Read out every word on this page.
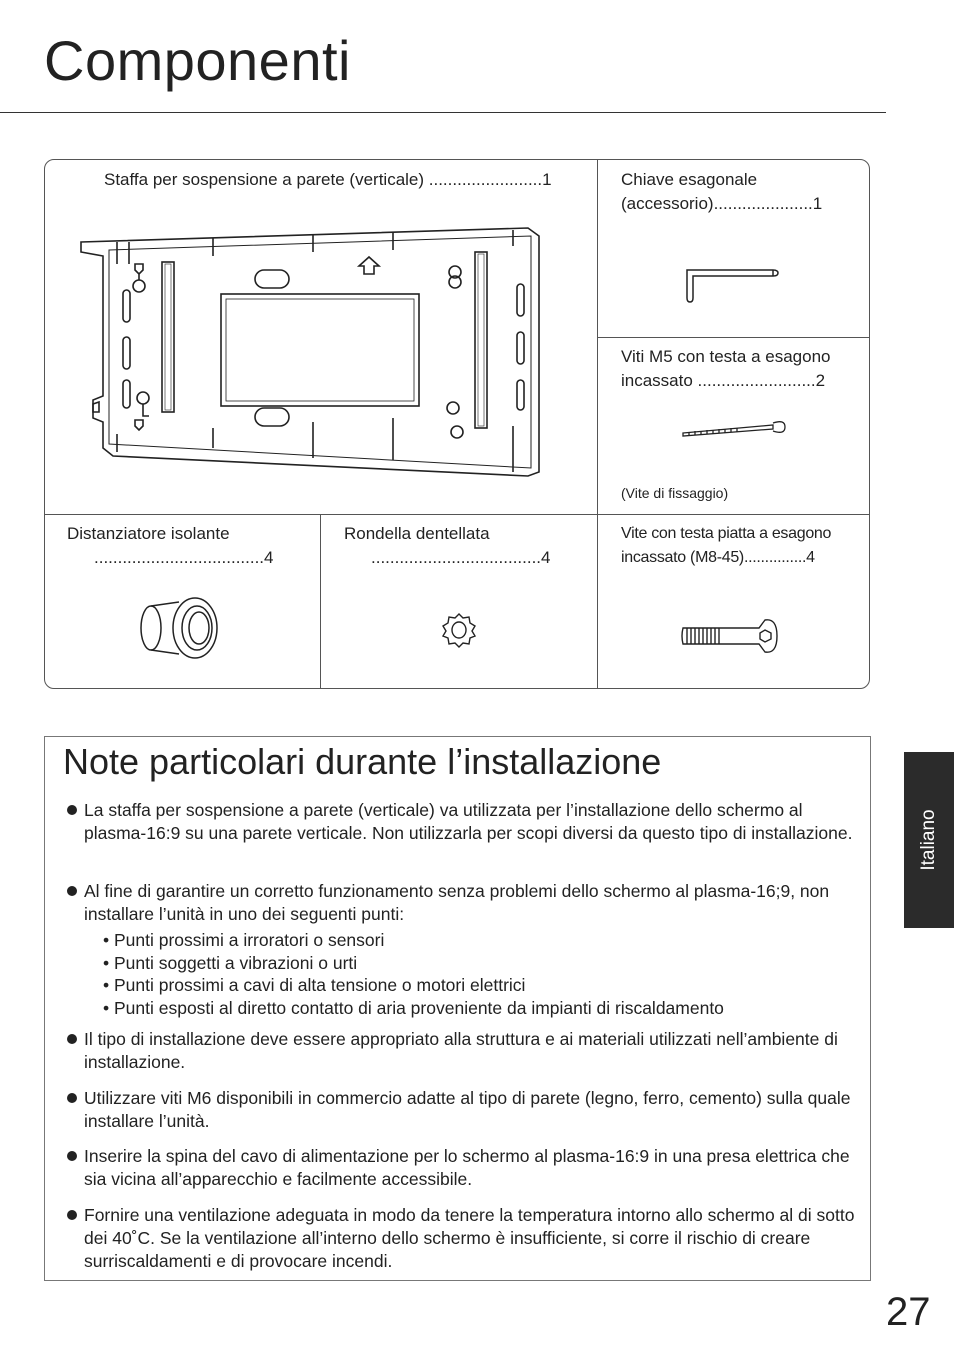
Componenti
Staffa per sospensione a parete (verticale) ........................1	Chiave esagonale
(accessorio).....................1
Viti M5 con testa a esagono
incassato .........................2
(Vite di fissaggio)
Distanziatore isolante
....................................4
Rondella dentellata
....................................4
Vite con testa piatta a esagono
incassato (M8-45)...............4
Note particolari durante l’installazione
La staffa per sospensione a parete (verticale) va utilizzata per l’installazione dello schermo al plasma-16:9 su una parete verticale. Non utilizzarla per scopi diversi da questo tipo di installazione.
Al fine di garantire un corretto funzionamento senza problemi dello schermo al plasma-16;9, non installare l’unità in uno dei seguenti punti:
• Punti prossimi a irroratori o sensori
• Punti soggetti a vibrazioni o urti
• Punti prossimi a cavi di alta tensione o motori elettrici
• Punti esposti al diretto contatto di aria proveniente da impianti di riscaldamento
Il tipo di installazione deve essere appropriato alla struttura e ai materiali utilizzati nell’ambiente di installazione.
Utilizzare viti M6 disponibili in commercio adatte al tipo di parete (legno, ferro, cemento) sulla quale installare l’unità.
Inserire la spina del cavo di alimentazione per lo schermo al plasma-16:9 in una presa elettrica che sia vicina all’apparecchio e facilmente accessibile.
Fornire una ventilazione adeguata in modo da tenere la temperatura intorno allo schermo al di sotto dei 40˚C. Se la ventilazione all’interno dello schermo è insufficiente, si corre il rischio di creare surriscaldamenti e di provocare incendi.
Italiano
27
